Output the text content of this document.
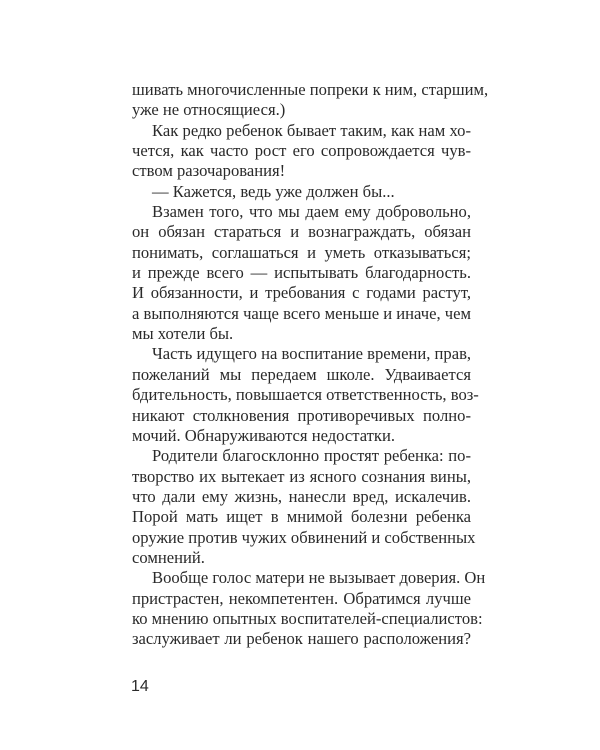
шивать многочисленные попреки к ним, старшим,
уже не относящиеся.)
Как редко ребенок бывает таким, как нам хо-
чется, как часто рост его сопровождается чув-
ством разочарования!
— Кажется, ведь уже должен бы...
Взамен того, что мы даем ему добровольно,
он обязан стараться и вознаграждать, обязан
понимать, соглашаться и уметь отказываться;
и прежде всего — испытывать благодарность.
И обязанности, и требования с годами растут,
а выполняются чаще всего меньше и иначе, чем
мы хотели бы.
Часть идущего на воспитание времени, прав,
пожеланий мы передаем школе. Удваивается
бдительность, повышается ответственность, воз-
никают столкновения противоречивых полно-
мочий. Обнаруживаются недостатки.
Родители благосклонно простят ребенка: по-
творство их вытекает из ясного сознания вины,
что дали ему жизнь, нанесли вред, искалечив.
Порой мать ищет в мнимой болезни ребенка
оружие против чужих обвинений и собственных
сомнений.
Вообще голос матери не вызывает доверия. Он
пристрастен, некомпетентен. Обратимся лучше
ко мнению опытных воспитателей-специалистов:
заслуживает ли ребенок нашего расположения?
14
